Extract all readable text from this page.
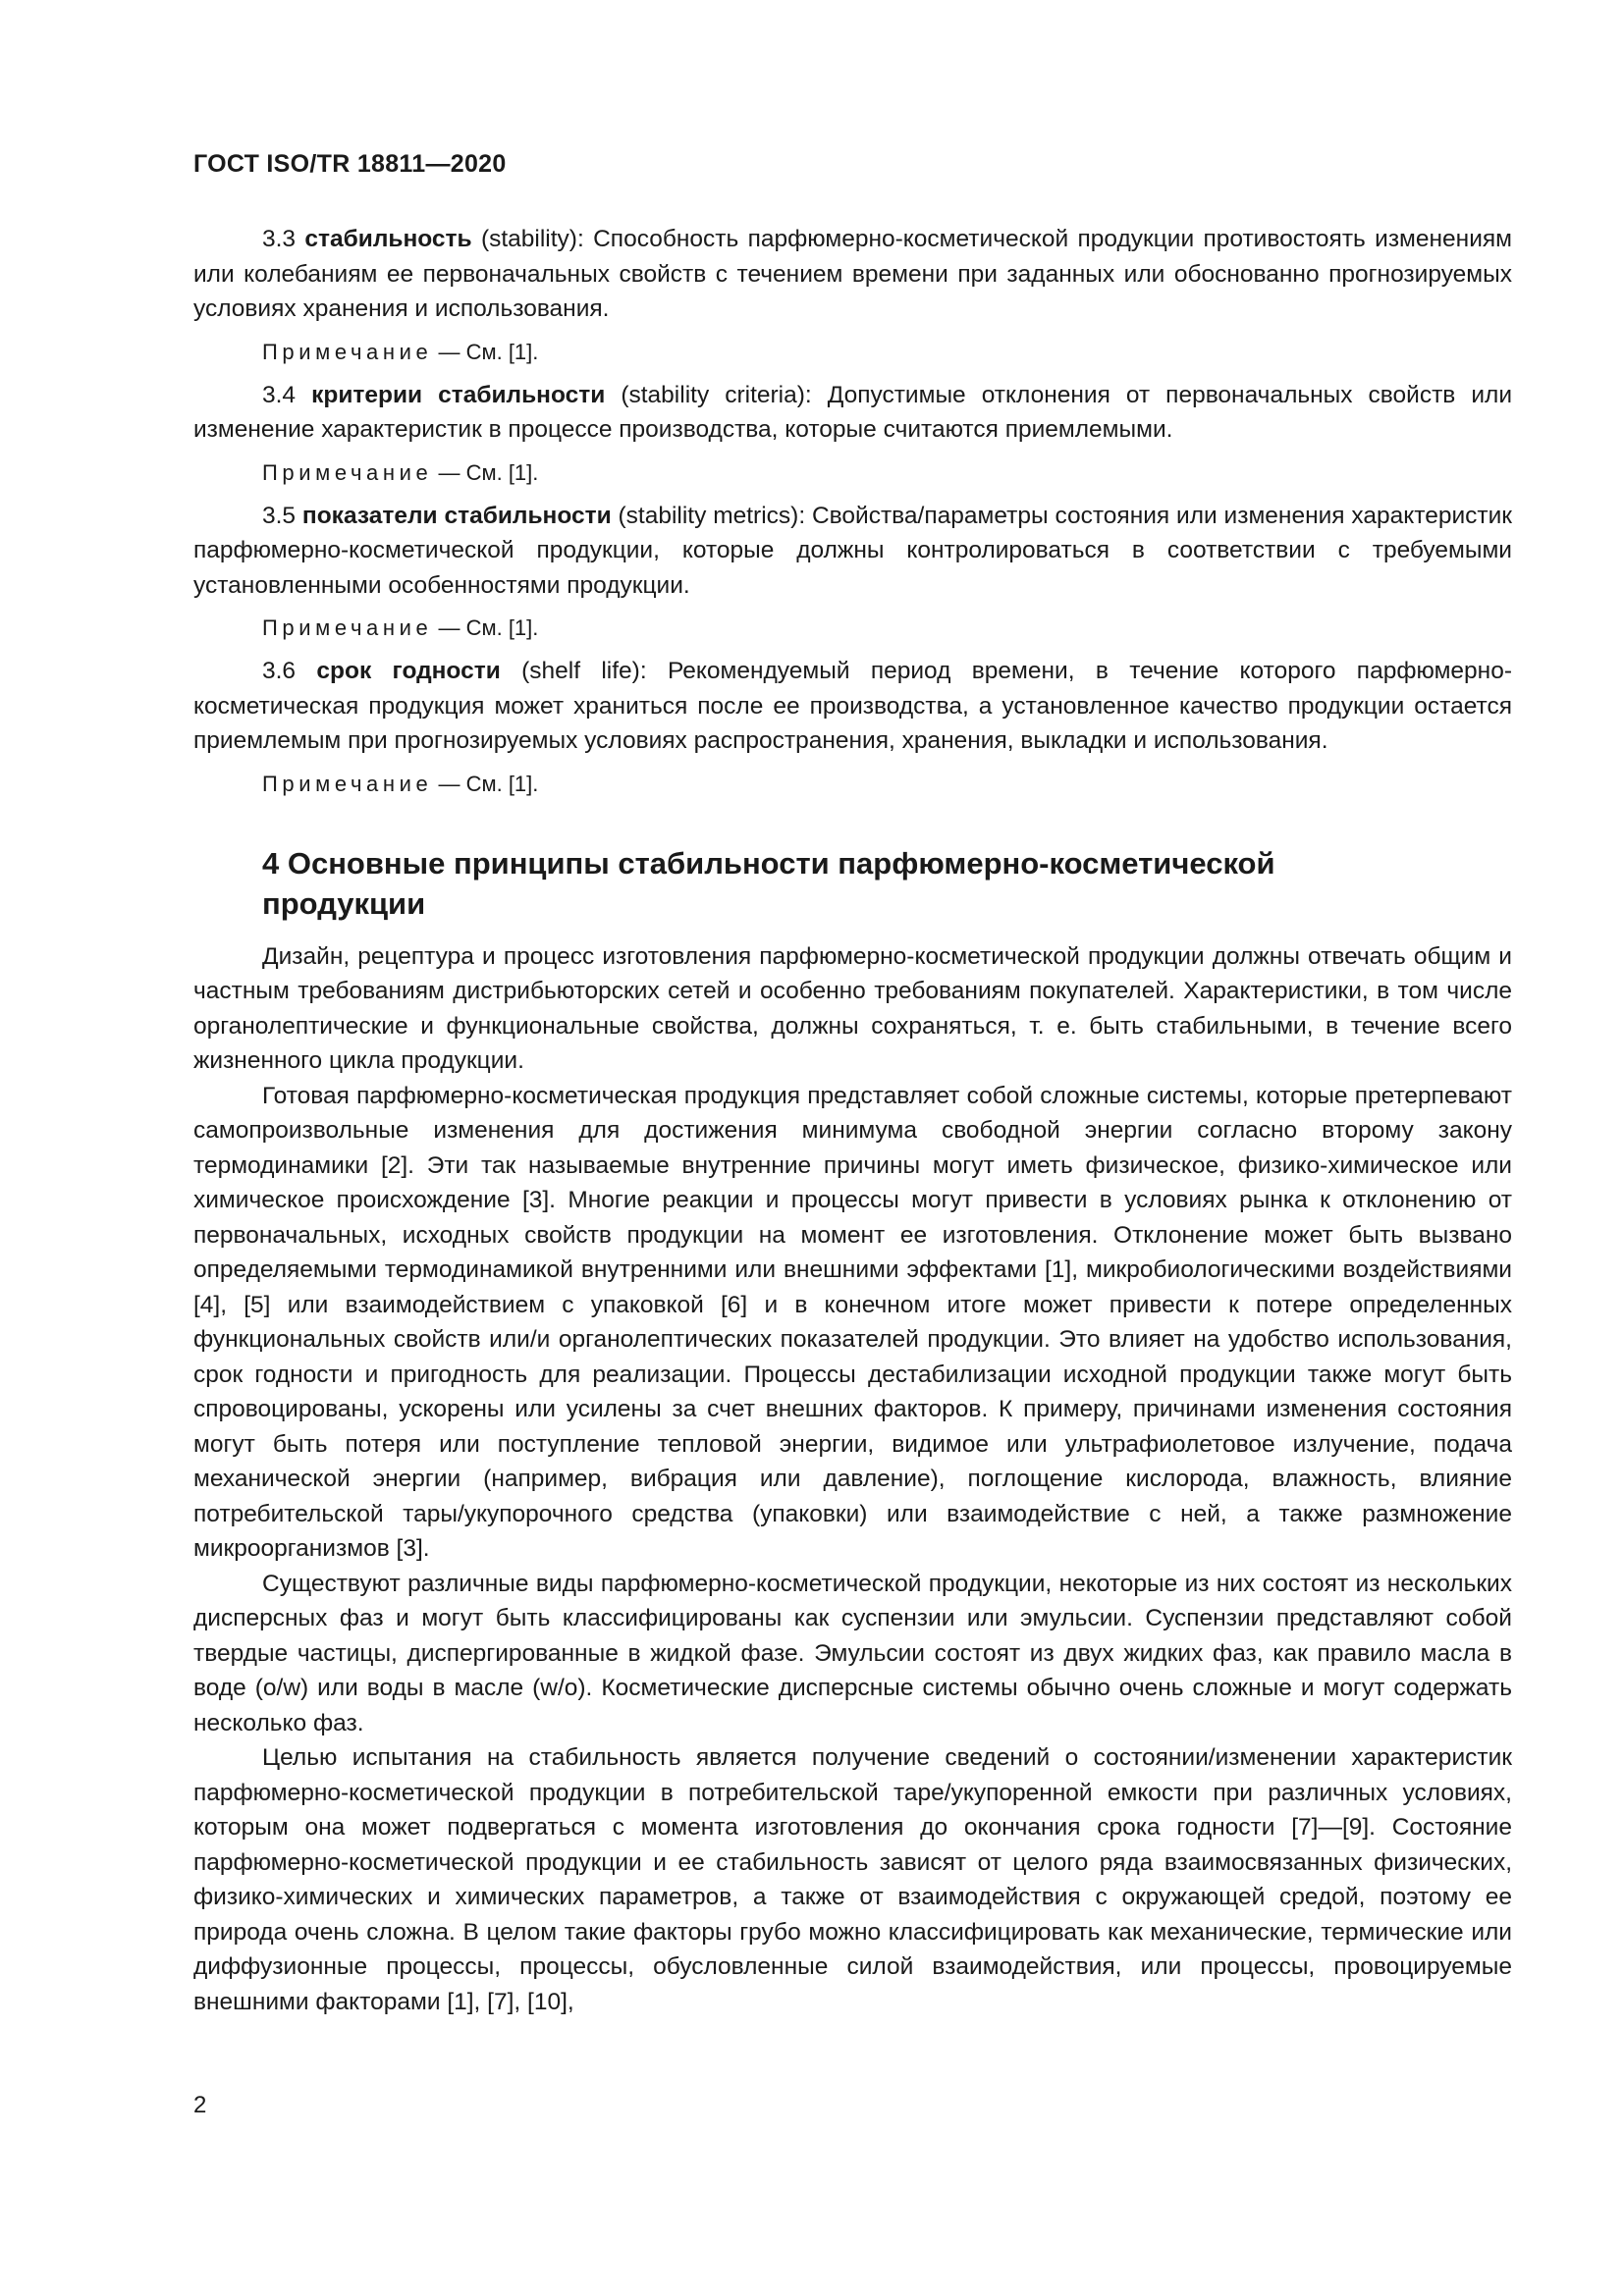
ГОСТ ISO/TR 18811—2020

3.3 стабильность (stability): Способность парфюмерно-косметической продукции противостоять изменениям или колебаниям ее первоначальных свойств с течением времени при заданных или обоснованно прогнозируемых условиях хранения и использования.

Примечание — См. [1].

3.4 критерии стабильности (stability criteria): Допустимые отклонения от первоначальных свойств или изменение характеристик в процессе производства, которые считаются приемлемыми.

Примечание — См. [1].

3.5 показатели стабильности (stability metrics): Свойства/параметры состояния или изменения характеристик парфюмерно-косметической продукции, которые должны контролироваться в соответствии с требуемыми установленными особенностями продукции.

Примечание — См. [1].

3.6 срок годности (shelf life): Рекомендуемый период времени, в течение которого парфюмерно-косметическая продукция может храниться после ее производства, а установленное качество продукции остается приемлемым при прогнозируемых условиях распространения, хранения, выкладки и использования.

Примечание — См. [1].
4 Основные принципы стабильности парфюмерно-косметической продукции

Дизайн, рецептура и процесс изготовления парфюмерно-косметической продукции должны отвечать общим и частным требованиям дистрибьюторских сетей и особенно требованиям покупателей. Характеристики, в том числе органолептические и функциональные свойства, должны сохраняться, т. е. быть стабильными, в течение всего жизненного цикла продукции.

Готовая парфюмерно-косметическая продукция представляет собой сложные системы, которые претерпевают самопроизвольные изменения для достижения минимума свободной энергии согласно второму закону термодинамики [2]. Эти так называемые внутренние причины могут иметь физическое, физико-химическое или химическое происхождение [3]. Многие реакции и процессы могут привести в условиях рынка к отклонению от первоначальных, исходных свойств продукции на момент ее изготовления. Отклонение может быть вызвано определяемыми термодинамикой внутренними или внешними эффектами [1], микробиологическими воздействиями [4], [5] или взаимодействием с упаковкой [6] и в конечном итоге может привести к потере определенных функциональных свойств или/и органолептических показателей продукции. Это влияет на удобство использования, срок годности и пригодность для реализации. Процессы дестабилизации исходной продукции также могут быть спровоцированы, ускорены или усилены за счет внешних факторов. К примеру, причинами изменения состояния могут быть потеря или поступление тепловой энергии, видимое или ультрафиолетовое излучение, подача механической энергии (например, вибрация или давление), поглощение кислорода, влажность, влияние потребительской тары/укупорочного средства (упаковки) или взаимодействие с ней, а также размножение микроорганизмов [3].

Существуют различные виды парфюмерно-косметической продукции, некоторые из них состоят из нескольких дисперсных фаз и могут быть классифицированы как суспензии или эмульсии. Суспензии представляют собой твердые частицы, диспергированные в жидкой фазе. Эмульсии состоят из двух жидких фаз, как правило масла в воде (o/w) или воды в масле (w/o). Косметические дисперсные системы обычно очень сложные и могут содержать несколько фаз.

Целью испытания на стабильность является получение сведений о состоянии/изменении характеристик парфюмерно-косметической продукции в потребительской таре/укупоренной емкости при различных условиях, которым она может подвергаться с момента изготовления до окончания срока годности [7]—[9]. Состояние парфюмерно-косметической продукции и ее стабильность зависят от целого ряда взаимосвязанных физических, физико-химических и химических параметров, а также от взаимодействия с окружающей средой, поэтому ее природа очень сложна. В целом такие факторы грубо можно классифицировать как механические, термические или диффузионные процессы, процессы, обусловленные силой взаимодействия, или процессы, провоцируемые внешними факторами [1], [7], [10],

2
